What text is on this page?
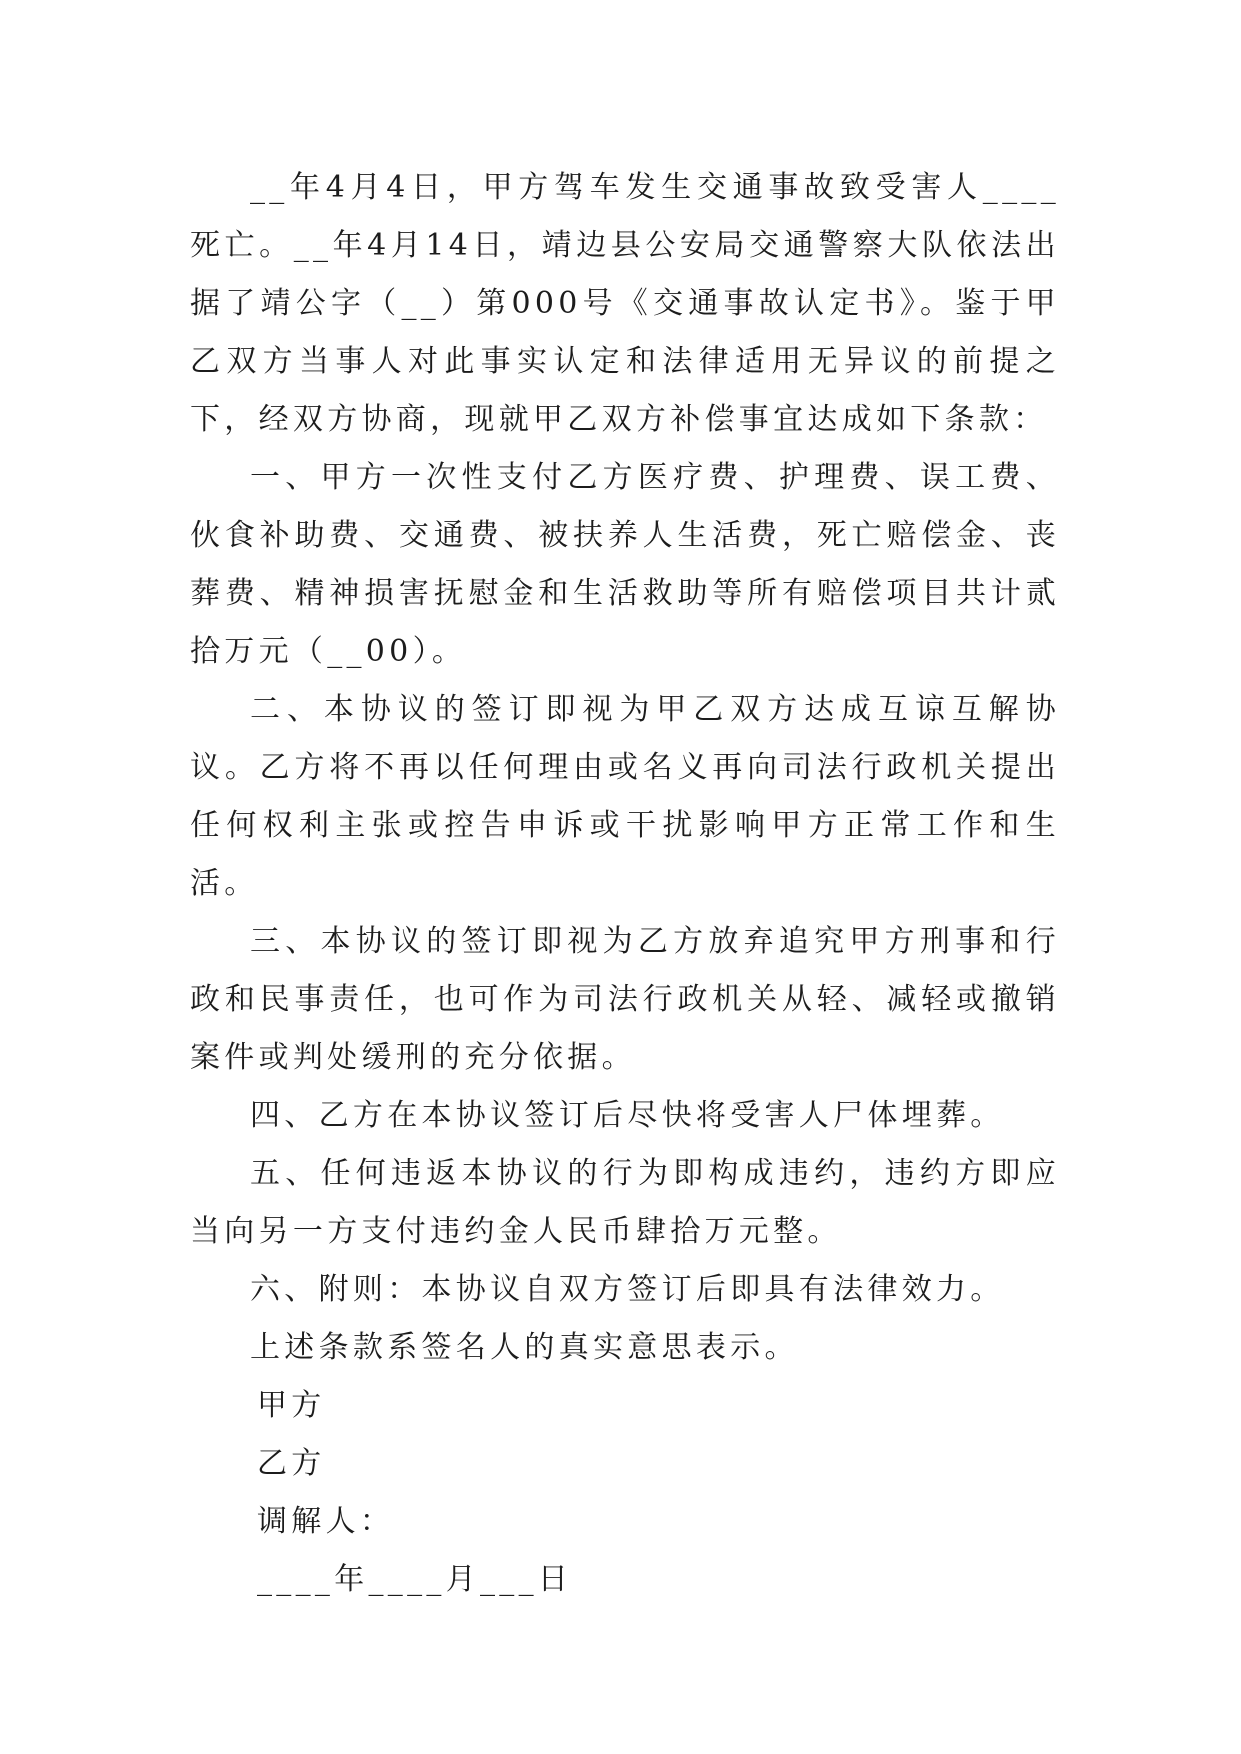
__年4月4日，甲方驾车发生交通事故致受害人____死亡。__年4月14日，靖边县公安局交通警察大队依法出据了靖公字（__）第000号《交通事故认定书》。鉴于甲乙双方当事人对此事实认定和法律适用无异议的前提之下，经双方协商，现就甲乙双方补偿事宜达成如下条款：

一、甲方一次性支付乙方医疗费、护理费、误工费、伙食补助费、交通费、被扶养人生活费，死亡赔偿金、丧葬费、精神损害抚慰金和生活救助等所有赔偿项目共计贰拾万元（__00）。

二、本协议的签订即视为甲乙双方达成互谅互解协议。乙方将不再以任何理由或名义再向司法行政机关提出任何权利主张或控告申诉或干扰影响甲方正常工作和生活。

三、本协议的签订即视为乙方放弃追究甲方刑事和行政和民事责任，也可作为司法行政机关从轻、减轻或撤销案件或判处缓刑的充分依据。

四、乙方在本协议签订后尽快将受害人尸体埋葬。

五、任何违返本协议的行为即构成违约，违约方即应当向另一方支付违约金人民币肆拾万元整。

六、附则：本协议自双方签订后即具有法律效力。

上述条款系签名人的真实意思表示。

甲方

乙方

调解人：

____年____月___日
